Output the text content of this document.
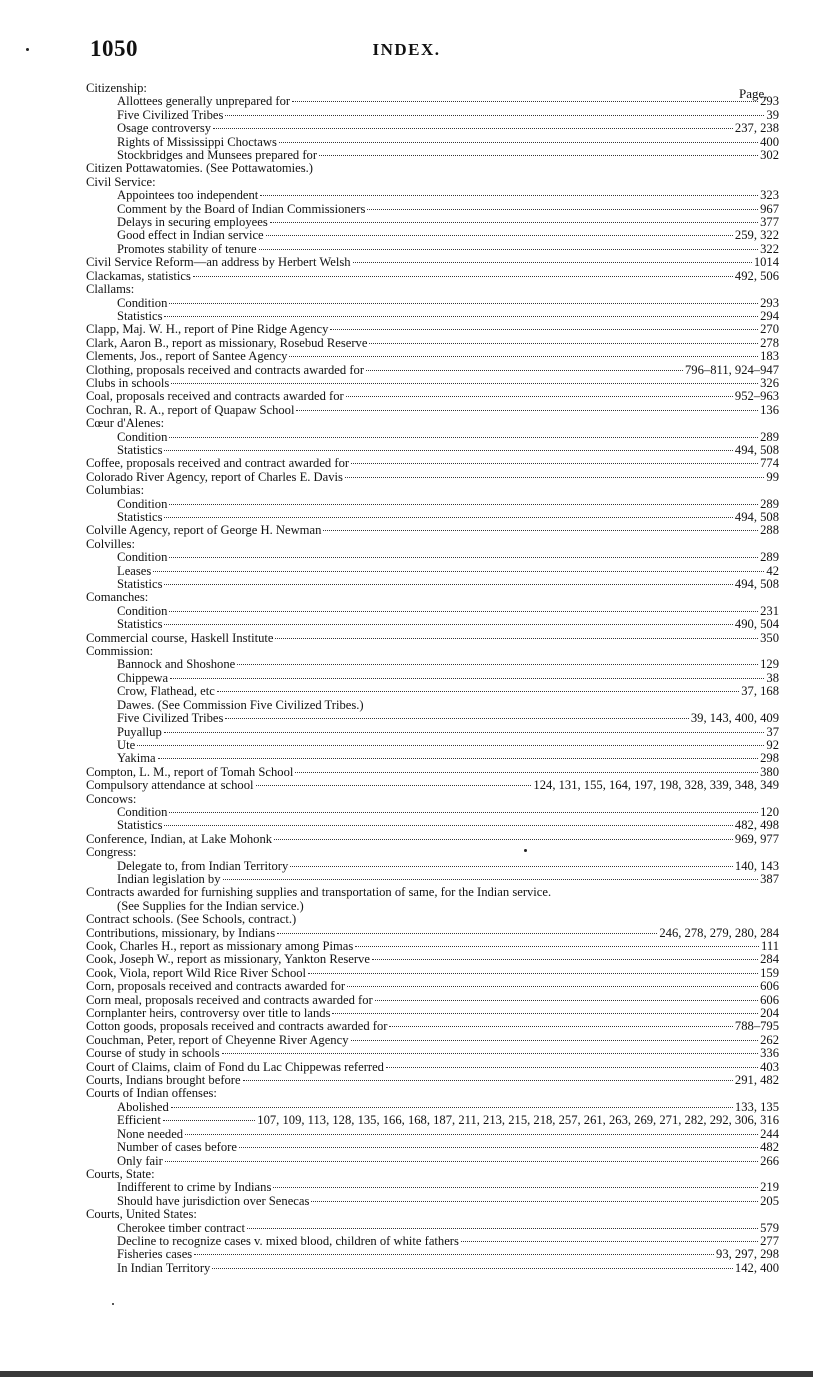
1050	INDEX.
Page.
Citizenship:
Allottees generally unprepared for	293
Five Civilized Tribes	39
Osage controversy	237, 238
Rights of Mississippi Choctaws	400
Stockbridges and Munsees prepared for	302
Citizen Pottawatomies. (See Pottawatomies.)
Civil Service:
Appointees too independent	323
Comment by the Board of Indian Commissioners	967
Delays in securing employees	377
Good effect in Indian service	259, 322
Promotes stability of tenure	322
Civil Service Reform—an address by Herbert Welsh	1014
Clackamas, statistics	492, 506
Clallams:
Condition	293
Statistics	294
Clapp, Maj. W. H., report of Pine Ridge Agency	270
Clark, Aaron B., report as missionary, Rosebud Reserve	278
Clements, Jos., report of Santee Agency	183
Clothing, proposals received and contracts awarded for	796–811, 924–947
Clubs in schools	326
Coal, proposals received and contracts awarded for	952–963
Cochran, R. A., report of Quapaw School	136
Cœur d'Alenes:
Condition	289
Statistics	494, 508
Coffee, proposals received and contract awarded for	774
Colorado River Agency, report of Charles E. Davis	99
Columbias:
Condition	289
Statistics	494, 508
Colville Agency, report of George H. Newman	288
Colvilles:
Condition	289
Leases	42
Statistics	494, 508
Comanches:
Condition	231
Statistics	490, 504
Commercial course, Haskell Institute	350
Commission:
Bannock and Shoshone	129
Chippewa	38
Crow, Flathead, etc	37, 168
Dawes. (See Commission Five Civilized Tribes.)
Five Civilized Tribes	39, 143, 400, 409
Puyallup	37
Ute	92
Yakima	298
Compton, L. M., report of Tomah School	380
Compulsory attendance at school	124, 131, 155, 164, 197, 198, 328, 339, 348, 349
Concows:
Condition	120
Statistics	482, 498
Conference, Indian, at Lake Mohonk	969, 977
Congress:
Delegate to, from Indian Territory	140, 143
Indian legislation by	387
Contracts awarded for furnishing supplies and transportation of same, for the Indian service.
(See Supplies for the Indian service.)
Contract schools. (See Schools, contract.)
Contributions, missionary, by Indians	246, 278, 279, 280, 284
Cook, Charles H., report as missionary among Pimas	111
Cook, Joseph W., report as missionary, Yankton Reserve	284
Cook, Viola, report Wild Rice River School	159
Corn, proposals received and contracts awarded for	606
Corn meal, proposals received and contracts awarded for	606
Cornplanter heirs, controversy over title to lands	204
Cotton goods, proposals received and contracts awarded for	788–795
Couchman, Peter, report of Cheyenne River Agency	262
Course of study in schools	336
Court of Claims, claim of Fond du Lac Chippewas referred	403
Courts, Indians brought before	291, 482
Courts of Indian offenses:
Abolished	133, 135
Efficient	107, 109, 113, 128, 135, 166, 168, 187, 211, 213, 215, 218, 257, 261, 263, 269, 271, 282, 292, 306, 316
None needed	244
Number of cases before	482
Only fair	266
Courts, State:
Indifferent to crime by Indians	219
Should have jurisdiction over Senecas	205
Courts, United States:
Cherokee timber contract	579
Decline to recognize cases v. mixed blood, children of white fathers	277
Fisheries cases	93, 297, 298
In Indian Territory	142, 400
